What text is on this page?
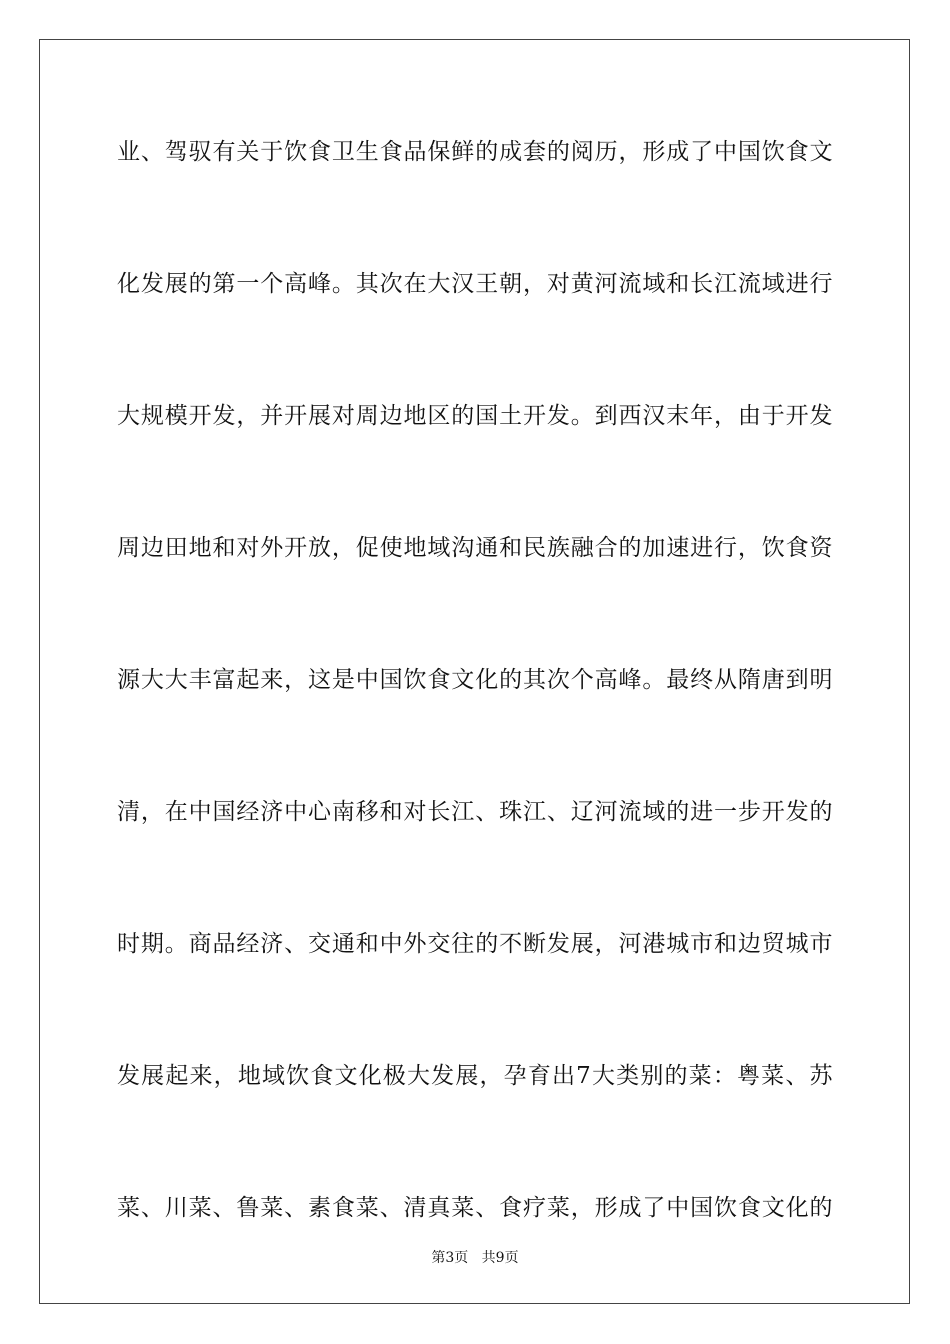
业、驾驭有关于饮食卫生食品保鲜的成套的阅历，形成了中国饮食文
化发展的第一个高峰。其次在大汉王朝，对黄河流域和长江流域进行
大规模开发，并开展对周边地区的国土开发。到西汉末年，由于开发
周边田地和对外开放，促使地域沟通和民族融合的加速进行，饮食资
源大大丰富起来，这是中国饮食文化的其次个高峰。最终从隋唐到明
清，在中国经济中心南移和对长江、珠江、辽河流域的进一步开发的
时期。商品经济、交通和中外交往的不断发展，河港城市和边贸城市
发展起来，地域饮食文化极大发展，孕育出7大类别的菜：粤菜、苏
菜、川菜、鲁菜、素食菜、清真菜、食疗菜，形成了中国饮食文化的
第3页 共9页
